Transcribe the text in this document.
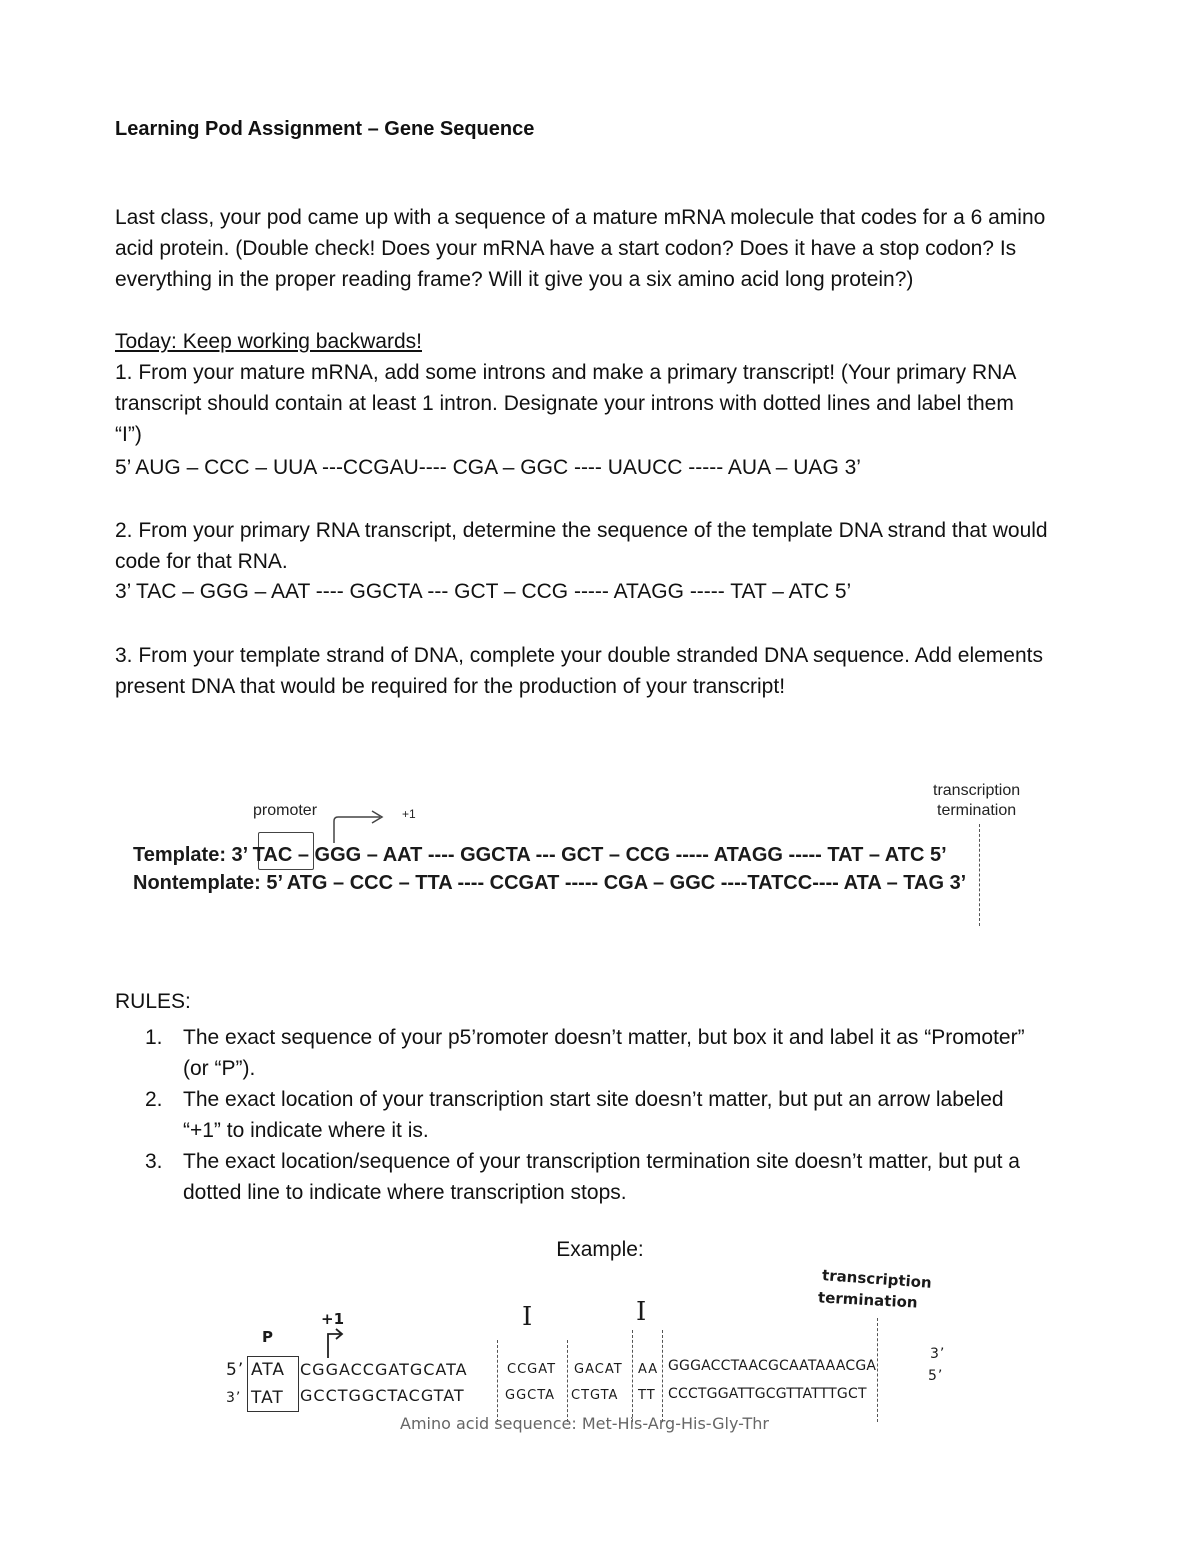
Learning Pod Assignment – Gene Sequence
Last class, your pod came up with a sequence of a mature mRNA molecule that codes for a 6 amino
acid protein. (Double check! Does your mRNA have a start codon? Does it have a stop codon? Is
everything in the proper reading frame? Will it give you a six amino acid long protein?)
Today: Keep working backwards!
1. From your mature mRNA, add some introns and make a primary transcript! (Your primary RNA
transcript should contain at least 1 intron. Designate your introns with dotted lines and label them
“I”)
5’ AUG – CCC – UUA ---CCGAU---- CGA – GGC ---- UAUCC ----- AUA – UAG 3’
2. From your primary RNA transcript, determine the sequence of the template DNA strand that would
code for that RNA.
3’ TAC – GGG – AAT ---- GGCTA --- GCT – CCG ----- ATAGG ----- TAT – ATC 5’
3. From your template strand of DNA, complete your double stranded DNA sequence. Add elements
present DNA that would be required for the production of your transcript!
promoter	+1
transcription
termination
Template: 3’ TAC – GGG – AAT ---- GGCTA --- GCT – CCG ----- ATAGG ----- TAT – ATC 5’
Nontemplate: 5’ ATG – CCC – TTA ---- CCGAT ----- CGA – GGC ----TATCC---- ATA – TAG 3’
RULES:
1. The exact sequence of your p5’romoter doesn’t matter, but box it and label it as “Promoter”
(or “P”).
2. The exact location of your transcription start site doesn’t matter, but put an arrow labeled
“+1” to indicate where it is.
3. The exact location/sequence of your transcription termination site doesn’t matter, but put a
dotted line to indicate where transcription stops.
Example:
P
+1	I	I
transcription
termination
5’ ATA CGGACCGATGCATA	CCGAT GACAT AA GGGACCTAACGCAATAAACGA
3’
3’ TAT GCCTGGCTACGTAT	GGCTA CTGTA TT CCCTGGATTGCGTTATTTGCT
5’
Amino acid sequence: Met-His-Arg-His-Gly-Thr
